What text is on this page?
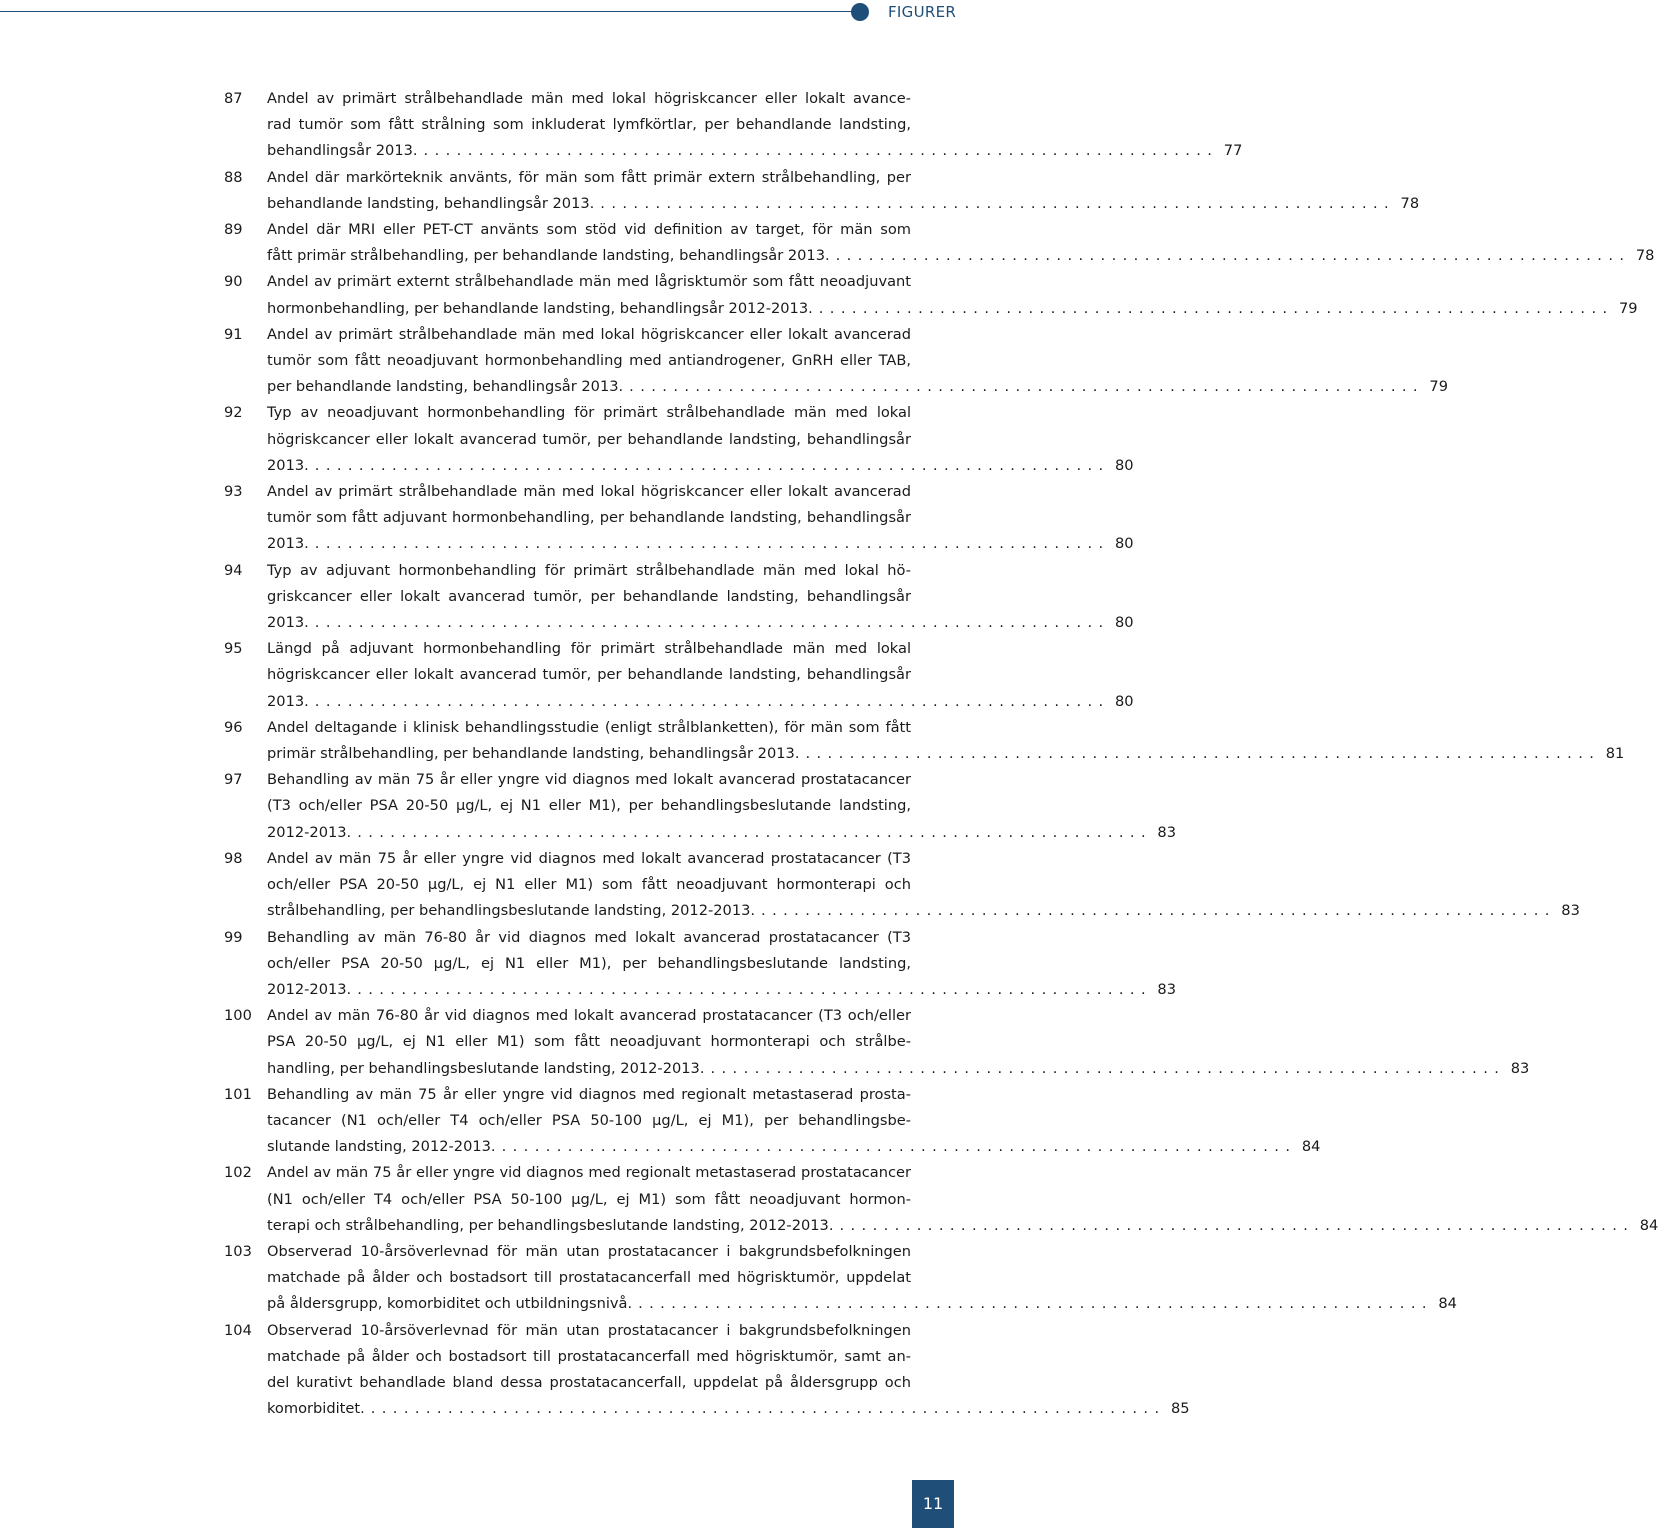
FIGURER
87 Andel av primärt strålbehandlade män med lokal högriskcancer eller lokalt avance-
rad tumör som fått strålning som inkluderat lymfkörtlar, per behandlande landsting,
behandlingsår 2013. ........................................................................ 77
88 Andel där markörteknik använts, för män som fått primär extern strålbehandling, per
behandlande landsting, behandlingsår 2013. ........................................................................ 78
89 Andel där MRI eller PET-CT använts som stöd vid definition av target, för män som
fått primär strålbehandling, per behandlande landsting, behandlingsår 2013. ........................................................................ 78
90 Andel av primärt externt strålbehandlade män med lågrisktumör som fått neoadjuvant
hormonbehandling, per behandlande landsting, behandlingsår 2012-2013. ........................................................................ 79
91 Andel av primärt strålbehandlade män med lokal högriskcancer eller lokalt avancerad
tumör som fått neoadjuvant hormonbehandling med antiandrogener, GnRH eller TAB,
per behandlande landsting, behandlingsår 2013. ........................................................................ 79
92 Typ av neoadjuvant hormonbehandling för primärt strålbehandlade män med lokal
högriskcancer eller lokalt avancerad tumör, per behandlande landsting, behandlingsår
2013. ........................................................................ 80
93 Andel av primärt strålbehandlade män med lokal högriskcancer eller lokalt avancerad
tumör som fått adjuvant hormonbehandling, per behandlande landsting, behandlingsår
2013. ........................................................................ 80
94 Typ av adjuvant hormonbehandling för primärt strålbehandlade män med lokal hö-
griskcancer eller lokalt avancerad tumör, per behandlande landsting, behandlingsår
2013. ........................................................................ 80
95 Längd på adjuvant hormonbehandling för primärt strålbehandlade män med lokal
högriskcancer eller lokalt avancerad tumör, per behandlande landsting, behandlingsår
2013. ........................................................................ 80
96 Andel deltagande i klinisk behandlingsstudie (enligt strålblanketten), för män som fått
primär strålbehandling, per behandlande landsting, behandlingsår 2013. ........................................................................ 81
97 Behandling av män 75 år eller yngre vid diagnos med lokalt avancerad prostatacancer
(T3 och/eller PSA 20-50 μg/L, ej N1 eller M1), per behandlingsbeslutande landsting,
2012-2013. ........................................................................ 83
98 Andel av män 75 år eller yngre vid diagnos med lokalt avancerad prostatacancer (T3
och/eller PSA 20-50 μg/L, ej N1 eller M1) som fått neoadjuvant hormonterapi och
strålbehandling, per behandlingsbeslutande landsting, 2012-2013. ........................................................................ 83
99 Behandling av män 76-80 år vid diagnos med lokalt avancerad prostatacancer (T3
och/eller PSA 20-50 μg/L, ej N1 eller M1), per behandlingsbeslutande landsting,
2012-2013. ........................................................................ 83
100 Andel av män 76-80 år vid diagnos med lokalt avancerad prostatacancer (T3 och/eller
PSA 20-50 μg/L, ej N1 eller M1) som fått neoadjuvant hormonterapi och strålbe-
handling, per behandlingsbeslutande landsting, 2012-2013. ........................................................................ 83
101 Behandling av män 75 år eller yngre vid diagnos med regionalt metastaserad prosta-
tacancer (N1 och/eller T4 och/eller PSA 50-100 μg/L, ej M1), per behandlingsbe-
slutande landsting, 2012-2013. ........................................................................ 84
102 Andel av män 75 år eller yngre vid diagnos med regionalt metastaserad prostatacancer
(N1 och/eller T4 och/eller PSA 50-100 μg/L, ej M1) som fått neoadjuvant hormon-
terapi och strålbehandling, per behandlingsbeslutande landsting, 2012-2013. ........................................................................ 84
103 Observerad 10-årsöverlevnad för män utan prostatacancer i bakgrundsbefolkningen
matchade på ålder och bostadsort till prostatacancerfall med högrisktumör, uppdelat
på åldersgrupp, komorbiditet och utbildningsnivå. ........................................................................ 84
104 Observerad 10-årsöverlevnad för män utan prostatacancer i bakgrundsbefolkningen
matchade på ålder och bostadsort till prostatacancerfall med högrisktumör, samt an-
del kurativt behandlade bland dessa prostatacancerfall, uppdelat på åldersgrupp och
komorbiditet. ........................................................................ 85
11
